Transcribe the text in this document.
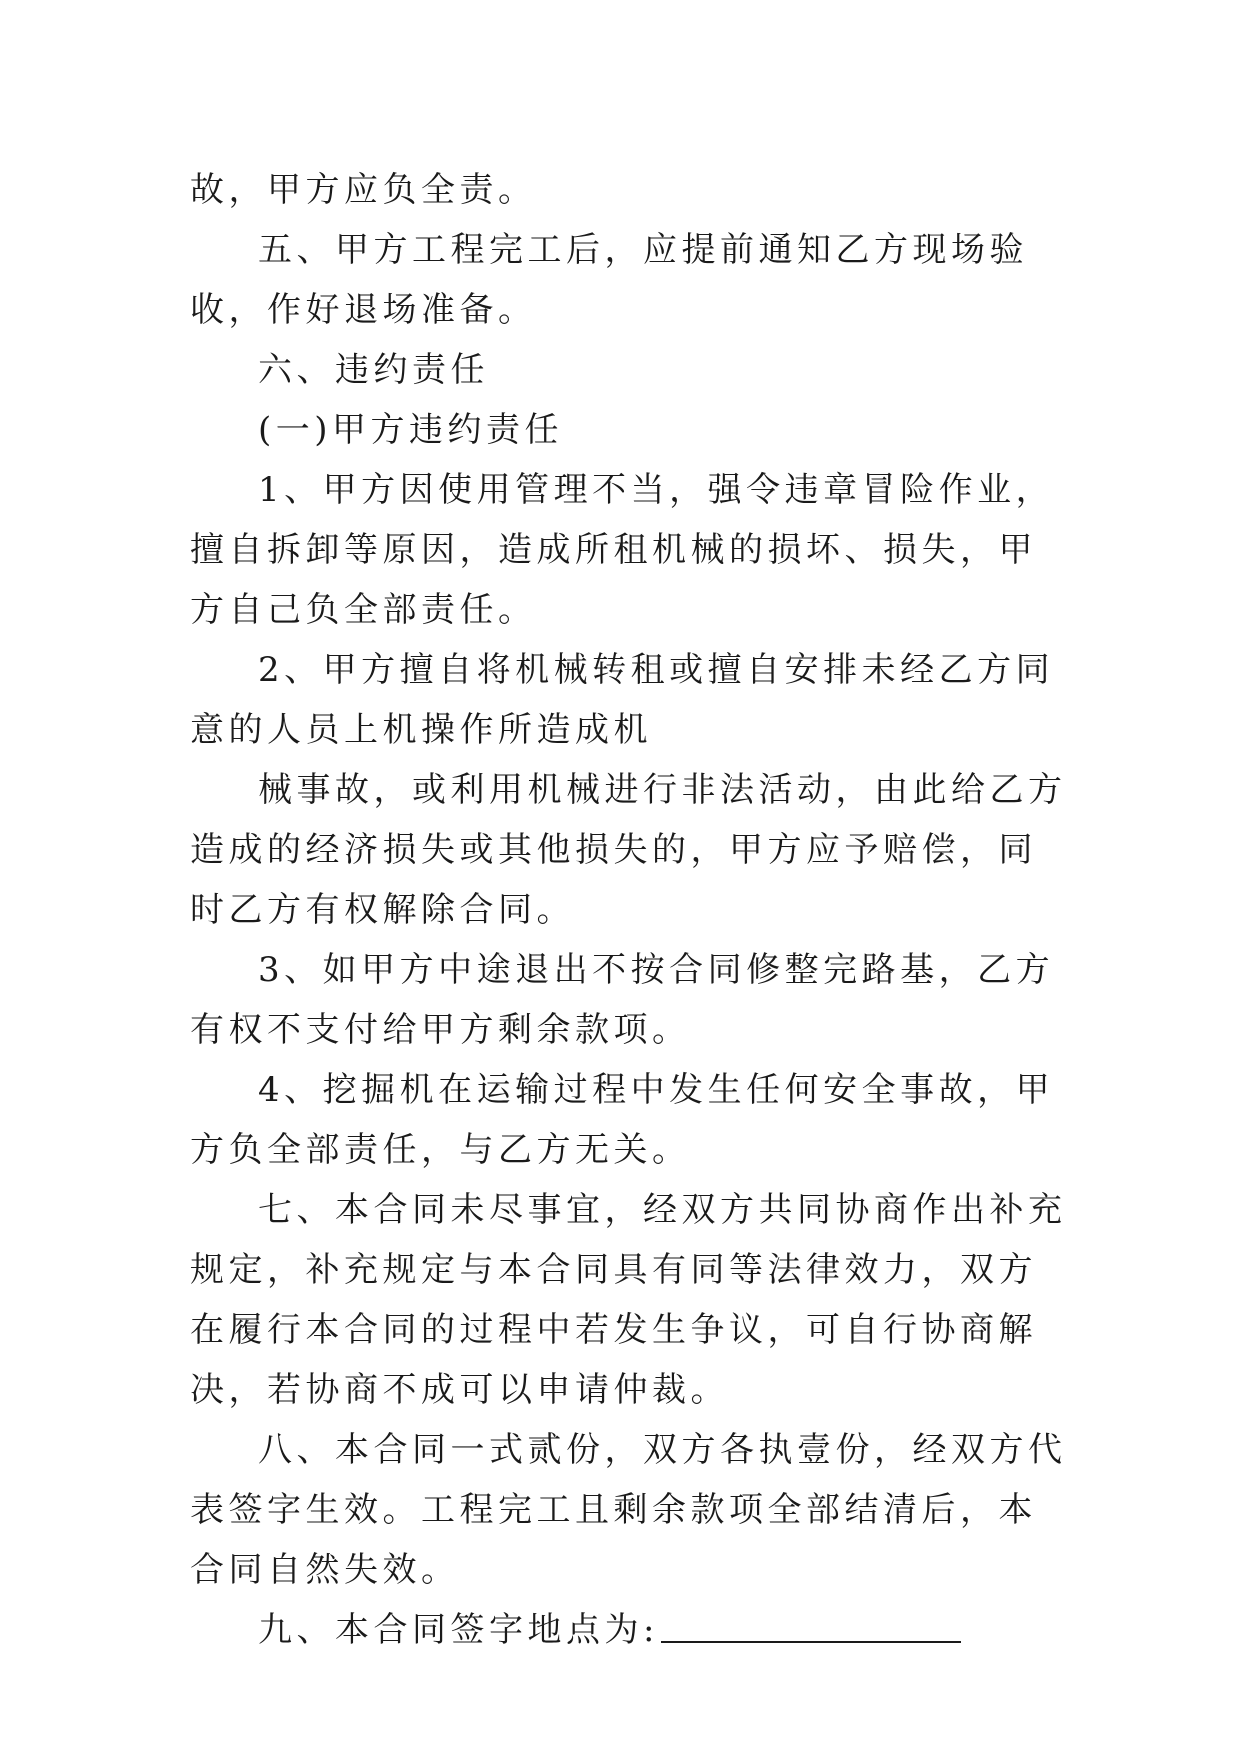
故，甲方应负全责。

五、甲方工程完工后，应提前通知乙方现场验收，作好退场准备。

六、违约责任

(一)甲方违约责任

1、甲方因使用管理不当，强令违章冒险作业，擅自拆卸等原因，造成所租机械的损坏、损失，甲方自己负全部责任。

2、甲方擅自将机械转租或擅自安排未经乙方同意的人员上机操作所造成机

械事故，或利用机械进行非法活动，由此给乙方造成的经济损失或其他损失的，甲方应予赔偿，同时乙方有权解除合同。

3、如甲方中途退出不按合同修整完路基，乙方有权不支付给甲方剩余款项。

4、挖掘机在运输过程中发生任何安全事故，甲方负全部责任，与乙方无关。

七、本合同未尽事宜，经双方共同协商作出补充规定，补充规定与本合同具有同等法律效力，双方在履行本合同的过程中若发生争议，可自行协商解决，若协商不成可以申请仲裁。

八、本合同一式贰份，双方各执壹份，经双方代表签字生效。工程完工且剩余款项全部结清后，本合同自然失效。

九、本合同签字地点为:
